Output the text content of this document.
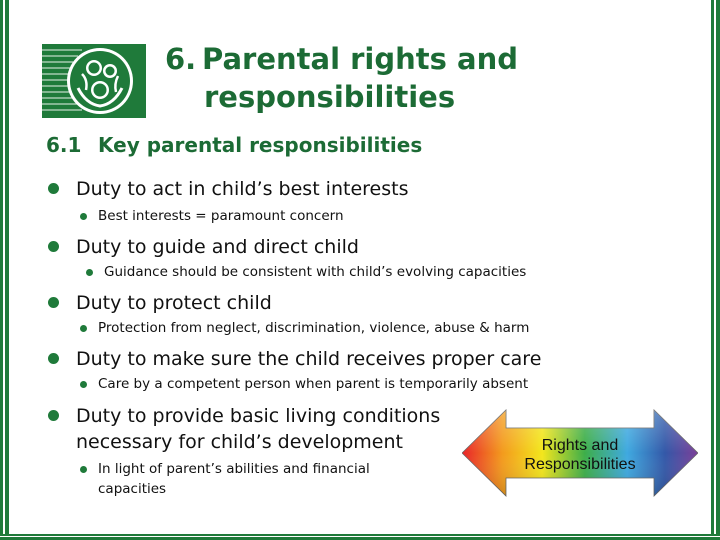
6. Parental rights and
responsibilities
6.1 Key parental responsibilities
Duty to act in child’s best interests
Best interests = paramount concern
Duty to guide and direct child
Guidance should be consistent with child’s evolving capacities
Duty to protect child
Protection from neglect, discrimination, violence, abuse & harm
Duty to make sure the child receives proper care
Care by a competent person when parent is temporarily absent
Duty to provide basic living conditions necessary for child’s development
In light of parent’s abilities and financial capacities
Rights and
Responsibilities
